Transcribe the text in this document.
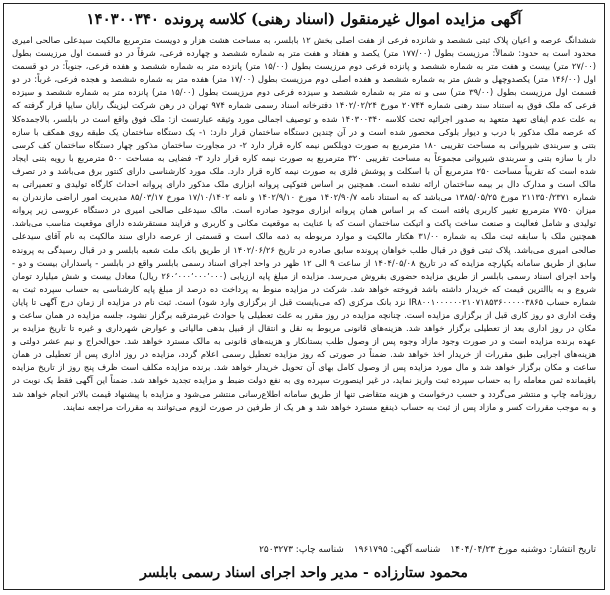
آگهی مزایده اموال غیرمنقول (اسناد رهنی) کلاسه پرونده ۱۴۰۳۰۰۳۴۰
ششدانگ عرصه و اعیان پلاک ثبتی ششصد و شانزده فرعی از هفت اصلی بخش ۱۲ بابلسر، به مساحت هشت هزار و دویست مترمربع مالکیت سیدعلی صالحی امیری محدود است به حدود: شمالاً: مرزیست بطول (۱۷۷/۰۰ متر) یکصد و هفتاد و هفت متر به شماره ششصد و چهارده فرعی، شرقاً در دو قسمت اول مرزیست بطول (۲۷/۰۰ متر) بیست و هفت متر به شماره ششصد و پانزده فرعی دوم مرزیست بطول (۱۵/۰۰ متر) پانزده متر به شماره ششصد و هفده فرعی، جنوباً: در دو قسمت اول (۱۴۶/۰۰ متر) یکصدوچهل و شش متر به شماره ششصد و هفده اصلی دوم مرزیست بطول (۱۷/۰۰ متر) هفده متر به شماره ششصد و هجده فرعی، غرباً: در دو قسمت اول مرزیست بطول (۳۹/۰۰ متر) سی و نه متر به شماره ششصد و سیزده فرعی دوم مرزیست بطول (۱۵/۰۰ متر) پانزده متر به شماره ششصد و سیزده فرعی که ملک فوق به استناد سند رهنی شماره ۲۰۷۴۴ مورخ ۱۴۰۲/۰۲/۲۴ دفترخانه اسناد رسمی شماره ۹۷۴ تهران در رهن شرکت لیزینگ رایان سایپا قرار گرفته که به علت عدم ایفای تعهد متعهد به صدور اجرائیه تحت کلاسه ۱۴۰۳۰۰۳۴۰ شده و توصیف اجمالی مورد وثیقه عبارتست از: ملک فوق واقع است در بابلسر، بالاجمده‌کلا که عرصه ملک مذکور با درب و دیوار بلوکی محصور شده است و در آن چندین دستگاه ساختمان قرار دارد: ۱- یک دستگاه ساختمان یک طبقه روی همکف با سازه بتنی و سربندی شیروانی به مساحت تقریبی ۱۸۰ مترمربع به صورت دوبلکس نیمه کاره قرار دارد ۲- در مجاورت ساختمان مذکور چهار دستگاه ساختمان کف کرسی دار با سازه بتنی و سربندی شیروانی مجموعاً به مساحت تقریبی ۳۲۰ مترمربع به صورت نیمه کاره قرار دارد ۳- فضایی به مساحت ۵۰۰ مترمربع با رویه بتنی ایجاد شده است که تقریباً مساحت ۲۵۰ مترمربع آن با اسکلت و پوشش فلزی به صورت نیمه کاره قرار دارد. ملک مورد کارشناسی دارای کنتور برق می‌باشد و در تصرف مالک است و مدارک دال بر بیمه ساختمان ارائه نشده است. همچنین بر اساس فتوکپی پروانه ابزاری ملک مذکور دارای پروانه احداث کارگاه تولیدی و تعمیراتی به شماره ۲۱۱۳۵۰/۲۳۷۱ مورخ ۱۳۸۵/۰۵/۲۵ می‌باشد که به استناد نامه ۱۴۰۲/۹۰/۷ مورخ ۱۴۰۲/۹/۱۰ و نامه ۱۷/۱۰/۱۴۰۲ مورخ ۸۵/۰۳/۱۷ مدیریت امور اراضی مازندران به میزان ۷۷۵۰ مترمربع تغییر کاربری یافته است که بر اساس همان پروانه ابزاری موجود صادره است. مالک سیدعلی صالحی امیری در دستگاه عروسی زیر پروانه تولیدی و شامل فعالیت و صنعت ساخت پاکت و اتیکت ساختمان است که با عنایت به موقعیت مکانی و کاربری و فرایند مستقرشده دارای موقعیت مناسب می‌باشد. همچنین ملک با سابقه ثبت ملک به شماره ۳۱/۰۰ هکتار مالکیت و موارد مربوطه به ذمه مالک است و قسمتی از عرصه دارای سند مالکیت به نام آقای سیدعلی صالحی امیری می‌باشد. پلاک ثبتی فوق در قبال طلب خواهان پرونده سابق صادره در تاریخ ۱۴۰۲/۰۶/۲۶ از طریق بانک ملت شعبه بابلسر و در قبال رسیدگی به پرونده سابق از طریق سامانه یکپارچه مزایده که در تاریخ ۱۴۰۴/۰۵/۰۸ از ساعت ۹ الی ۱۲ ظهر در واحد اجرای اسناد رسمی بابلسر واقع در بابلسر - پاسداران بیست و دو - واحد اجرای اسناد رسمی بابلسر از طریق مزایده حضوری بفروش می‌رسد. مزایده از مبلغ پایه ارزیابی (۲۶۰٬۰۰۰٬۰۰۰٬۰۰۰ ریال) معادل بیست و شش میلیارد تومان شروع و به باالترین قیمت که خریدار داشته باشد فروخته خواهد شد. شرکت در مزایده منوط به پرداخت ده درصد از مبلغ پایه کارشناسی به حساب سپرده ثبت به شماره حساب IR۸۰۰۱۰۰۰۰۰۰۲۱۰۷۱۸۵۳۶۰۰۰۰۰۳۸۶۵ نزد بانک مرکزی (که می‌بایست قبل از برگزاری وارد شود) است. ثبت نام در مزایده از زمان درج آگهی تا پایان وقت اداری دو روز کاری قبل از برگزاری مزایده است. چنانچه مزایده در روز مقرر به علت تعطیلی یا حوادث غیرمترقبه برگزار نشود، جلسه مزایده در همان ساعت و مکان در روز اداری بعد از تعطیلی برگزار خواهد شد. هزینه‌های قانونی مربوط به نقل و انتقال از قبیل بدهی مالیاتی و عوارض شهرداری و غیره تا تاریخ مزایده بر عهده برنده مزایده است و در صورت وجود مازاد وجوه پس از وصول طلب بستانکار و هزینه‌های قانونی به مالک مسترد خواهد شد. حق‌الحراج و نیم عشر دولتی و هزینه‌های اجرایی طبق مقررات از خریدار اخذ خواهد شد. ضمناً در صورتی که روز مزایده تعطیل رسمی اعلام گردد، مزایده در روز اداری پس از تعطیلی در همان ساعت و مکان برگزار خواهد شد و مال مورد مزایده پس از وصول کامل بهای آن تحویل خریدار خواهد شد. برنده مزایده مکلف است ظرف پنج روز از تاریخ مزایده باقیمانده ثمن معامله را به حساب سپرده ثبت واریز نماید، در غیر اینصورت سپرده وی به نفع دولت ضبط و مزایده تجدید خواهد شد. ضمناً این آگهی فقط یک نوبت در روزنامه چاپ و منتشر می‌گردد و حسب درخواست و هزینه متقاضی تنها از طریق سامانه اطلاع‌رسانی منتشر می‌شود و مزایده با پیشنهاد قیمت بالاتر انجام خواهد شد و به موجب مقررات کسر و مازاد پس از ثبت به حساب ذینفع مسترد خواهد شد و هر یک از طرفین در صورت لزوم می‌توانند به مقررات مراجعه نمایند.
تاریخ انتشار: دوشنبه مورخ ۱۴۰۴/۰۴/۲۳
شناسه آگهی: ۱۹۶۱۷۹۵
شناسه چاپ: ۲۵۰۳۲۷۳
محمود ستارزاده - مدیر واحد اجرای اسناد رسمی بابلسر
